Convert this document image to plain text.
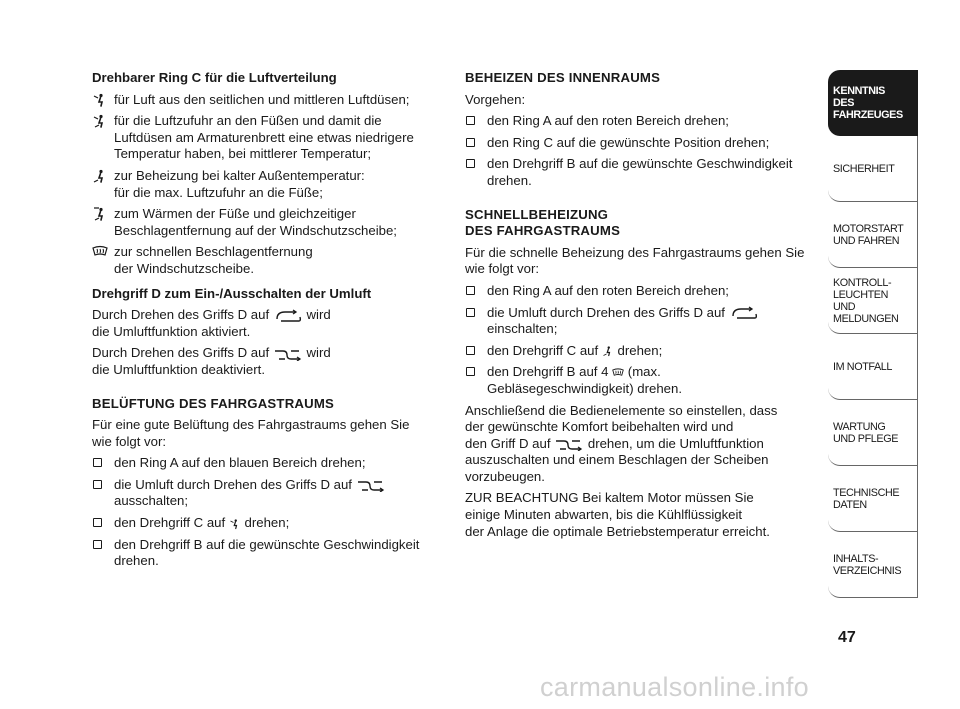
Drehbarer Ring C für die Luftverteilung
für Luft aus den seitlichen und mittleren Luftdüsen;
für die Luftzufuhr an den Füßen und damit die
Luftdüsen am Armaturenbrett eine etwas niedrigere
Temperatur haben, bei mittlerer Temperatur;
zur Beheizung bei kalter Außentemperatur:
für die max. Luftzufuhr an die Füße;
zum Wärmen der Füße und gleichzeitiger
Beschlagentfernung auf der Windschutzscheibe;
zur schnellen Beschlagentfernung
der Windschutzscheibe.
Drehgriff D zum Ein-/Ausschalten der Umluft

Durch Drehen des Griffs D auf	wird
die Umluftfunktion aktiviert.

Durch Drehen des Griffs D auf	wird
die Umluftfunktion deaktiviert.

BELÜFTUNG DES FAHRGASTRAUMS

Für eine gute Belüftung des Fahrgastraums gehen Sie
wie folgt vor:

den Ring A auf den blauen Bereich drehen;
die Umluft durch Drehen des Griffs D auf
ausschalten;
den Drehgriff C auf drehen;
den Drehgriff B auf die gewünschte Geschwindigkeit
drehen.
BEHEIZEN DES INNENRAUMS

Vorgehen:

den Ring A auf den roten Bereich drehen;
den Ring C auf die gewünschte Position drehen;
den Drehgriff B auf die gewünschte Geschwindigkeit
drehen.
SCHNELLBEHEIZUNG
DES FAHRGASTRAUMS

Für die schnelle Beheizung des Fahrgastraums gehen Sie
wie folgt vor:

den Ring A auf den roten Bereich drehen;
die Umluft durch Drehen des Griffs D auf
einschalten;
den Drehgriff C auf drehen;
den Drehgriff B auf 4 (max.
Gebläsegeschwindigkeit) drehen.

Anschließend die Bedienelemente so einstellen, dass
der gewünschte Komfort beibehalten wird und
den Griff D auf	drehen, um die Umluftfunktion
auszuschalten und einem Beschlagen der Scheiben
vorzubeugen.

ZUR BEACHTUNG Bei kaltem Motor müssen Sie
einige Minuten abwarten, bis die Kühlflüssigkeit
der Anlage die optimale Betriebstemperatur erreicht.

KENNTNIS
DES FAHRZEUGES
SICHERHEIT
MOTORSTART
UND FAHREN
KONTROLL-
LEUCHTEN
UND MELDUNGEN
IM NOTFALL
WARTUNG
UND PFLEGE
TECHNISCHE
DATEN
INHALTS-
VERZEICHNIS
47
carmanualsonline.info
